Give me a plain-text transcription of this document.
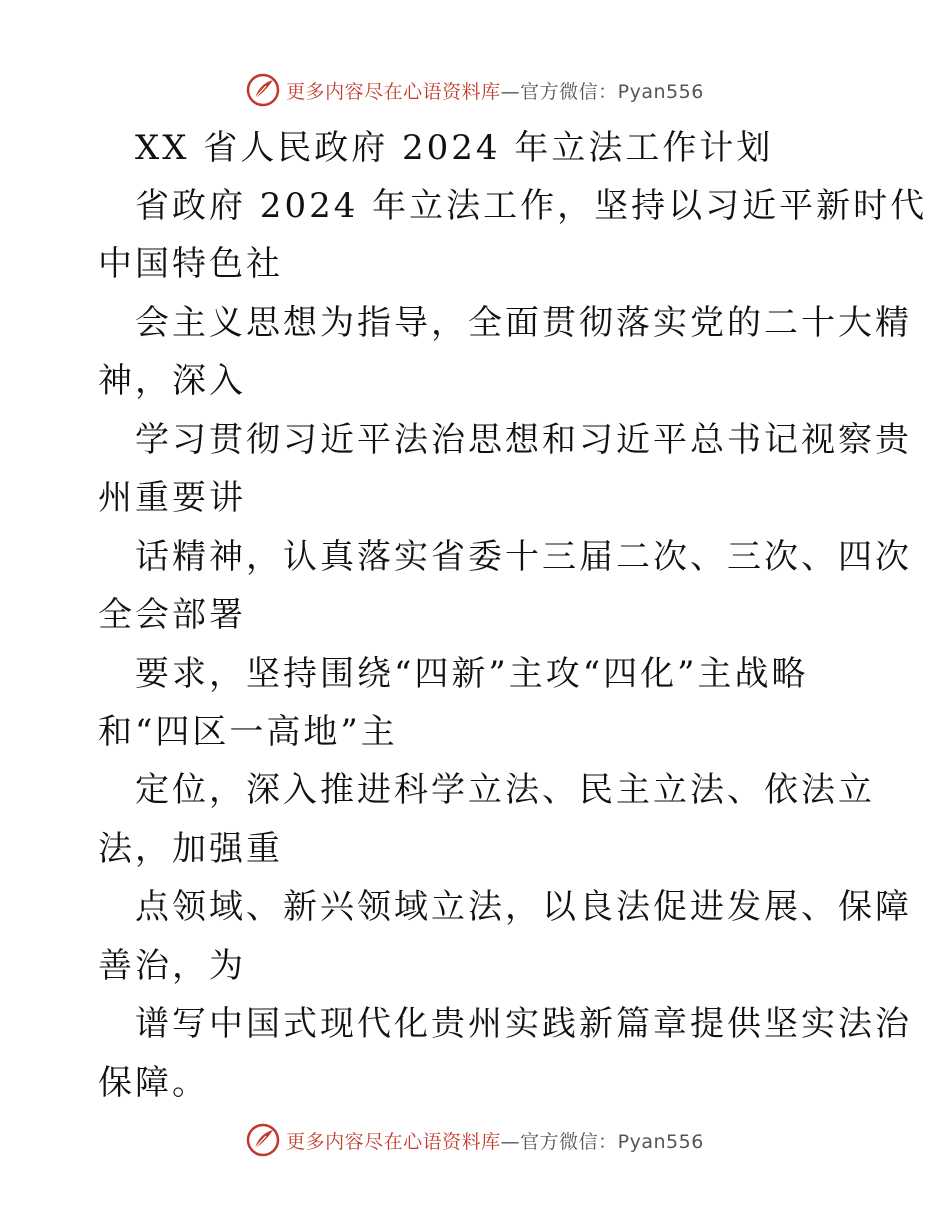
更多内容尽在心语资料库—官方微信：Pyan556
XX 省人民政府 2024 年立法工作计划
省政府 2024 年立法工作，坚持以习近平新时代
中国特色社
会主义思想为指导，全面贯彻落实党的二十大精
神，深入
学习贯彻习近平法治思想和习近平总书记视察贵
州重要讲
话精神，认真落实省委十三届二次、三次、四次
全会部署
要求，坚持围绕“四新”主攻“四化”主战略
和“四区一高地”主
定位，深入推进科学立法、民主立法、依法立
法，加强重
点领域、新兴领域立法，以良法促进发展、保障
善治，为
谱写中国式现代化贵州实践新篇章提供坚实法治
保障。
更多内容尽在心语资料库—官方微信：Pyan556
